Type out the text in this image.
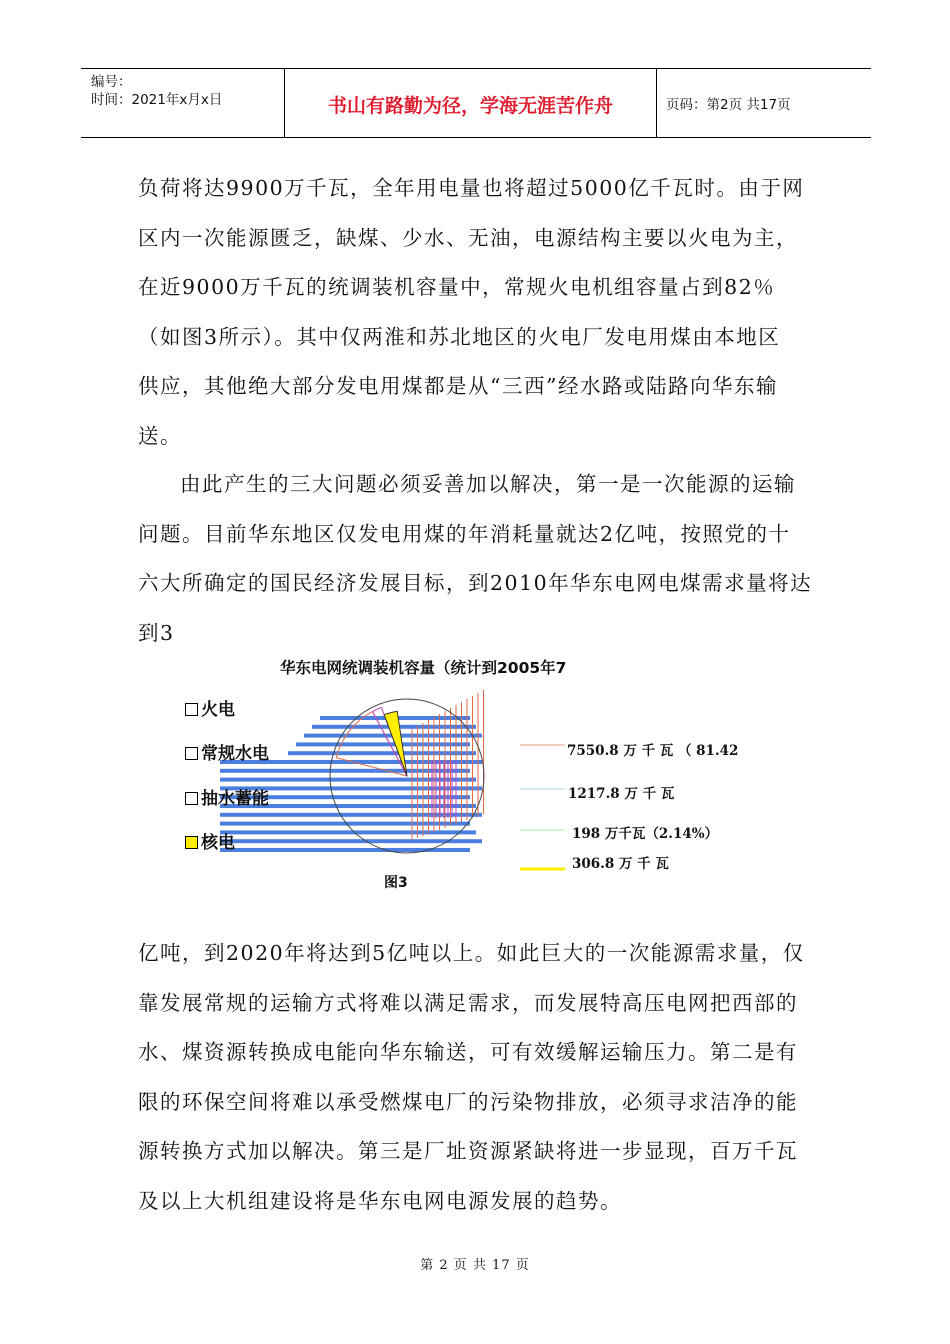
编号：
时间：2021年x月x日	书山有路勤为径，学海无涯苦作舟	页码：第2页 共17页

负荷将达9900万千瓦，全年用电量也将超过5000亿千瓦时。由于网
区内一次能源匮乏，缺煤、少水、无油，电源结构主要以火电为主，
在近9000万千瓦的统调装机容量中，常规火电机组容量占到82％
（如图3所示）。其中仅两淮和苏北地区的火电厂发电用煤由本地区
供应，其他绝大部分发电用煤都是从“三西”经水路或陆路向华东输
送。

由此产生的三大问题必须妥善加以解决，第一是一次能源的运输
问题。目前华东地区仅发电用煤的年消耗量就达2亿吨，按照党的十
六大所确定的国民经济发展目标，到2010年华东电网电煤需求量将达
到3

华东电网统调装机容量（统计到2005年7
火电
常规水电
抽水蓄能
核电
7550.8 万 千 瓦 （ 81.42
1217.8 万 千 瓦
198 万千瓦（2.14%）
306.8 万 千 瓦
图3

亿吨，到2020年将达到5亿吨以上。如此巨大的一次能源需求量，仅
靠发展常规的运输方式将难以满足需求，而发展特高压电网把西部的
水、煤资源转换成电能向华东输送，可有效缓解运输压力。第二是有
限的环保空间将难以承受燃煤电厂的污染物排放，必须寻求洁净的能
源转换方式加以解决。第三是厂址资源紧缺将进一步显现，百万千瓦
及以上大机组建设将是华东电网电源发展的趋势。

第 2 页 共 17 页
